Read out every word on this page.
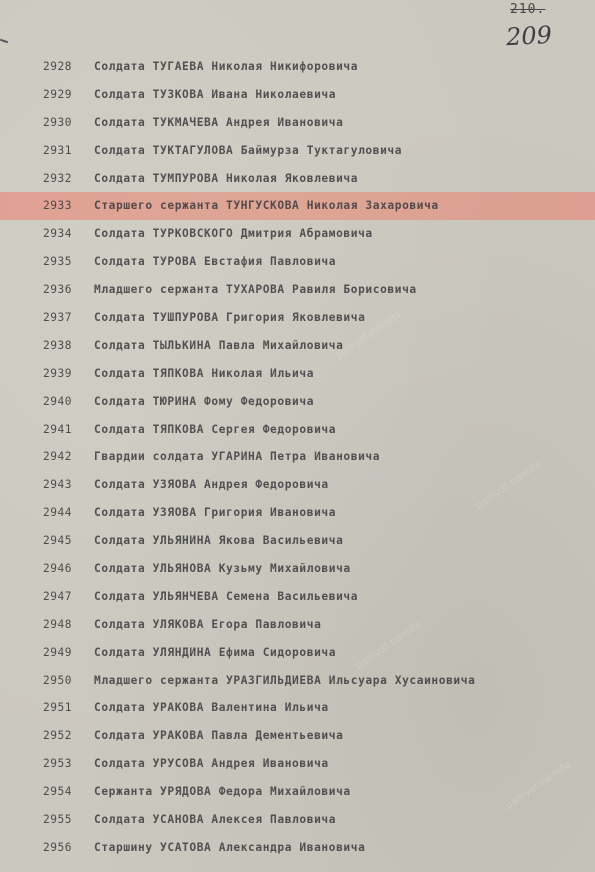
210.
209
2928 Солдата ТУГАЕВА Николая Никифоровича
2929 Солдата ТУЗКОВА Ивана Николаевича
2930 Солдата ТУКМАЧЕВА Андрея Ивановича
2931 Солдата ТУКТАГУЛОВА Баймурза Туктагуловича
2932 Солдата ТУМПУРОВА Николая Яковлевича
2933 Старшего сержанта ТУНГУСКОВА Николая Захаровича
2934 Солдата ТУРКОВСКОГО Дмитрия Абрамовича
2935 Солдата ТУРОВА Евстафия Павловича
2936 Младшего сержанта ТУХАРОВА Равиля Борисовича
2937 Солдата ТУШПУРОВА Григория Яковлевича
2938 Солдата ТЫЛЬКИНА Павла Михайловича
2939 Солдата ТЯПКОВА Николая Ильича
2940 Солдата ТЮРИНА Фому Федоровича
2941 Солдата ТЯПКОВА Сергея Федоровича
2942 Гвардии солдата УГАРИНА Петра Ивановича
2943 Солдата УЗЯОВА Андрея Федоровича
2944 Солдата УЗЯОВА Григория Ивановича
2945 Солдата УЛЬЯНИНА Якова Васильевича
2946 Солдата УЛЬЯНОВА Кузьму Михайловича
2947 Солдата УЛЬЯНЧЕВА Семена Васильевича
2948 Солдата УЛЯКОВА Егора Павловича
2949 Солдата УЛЯНДИНА Ефима Сидоровича
2950 Младшего сержанта УРАЗГИЛЬДИЕВА Ильсуара Хусаиновича
2951 Солдата УРАКОВА Валентина Ильича
2952 Солдата УРАКОВА Павла Дементьевича
2953 Солдата УРУСОВА Андрея Ивановича
2954 Сержанта УРЯДОВА Федора Михайловича
2955 Солдата УСАНОВА Алексея Павловича
2956 Старшину УСАТОВА Александра Ивановича
pamyat-naroda
pamyat-naroda
pamyat-naroda
pamyat-naroda
